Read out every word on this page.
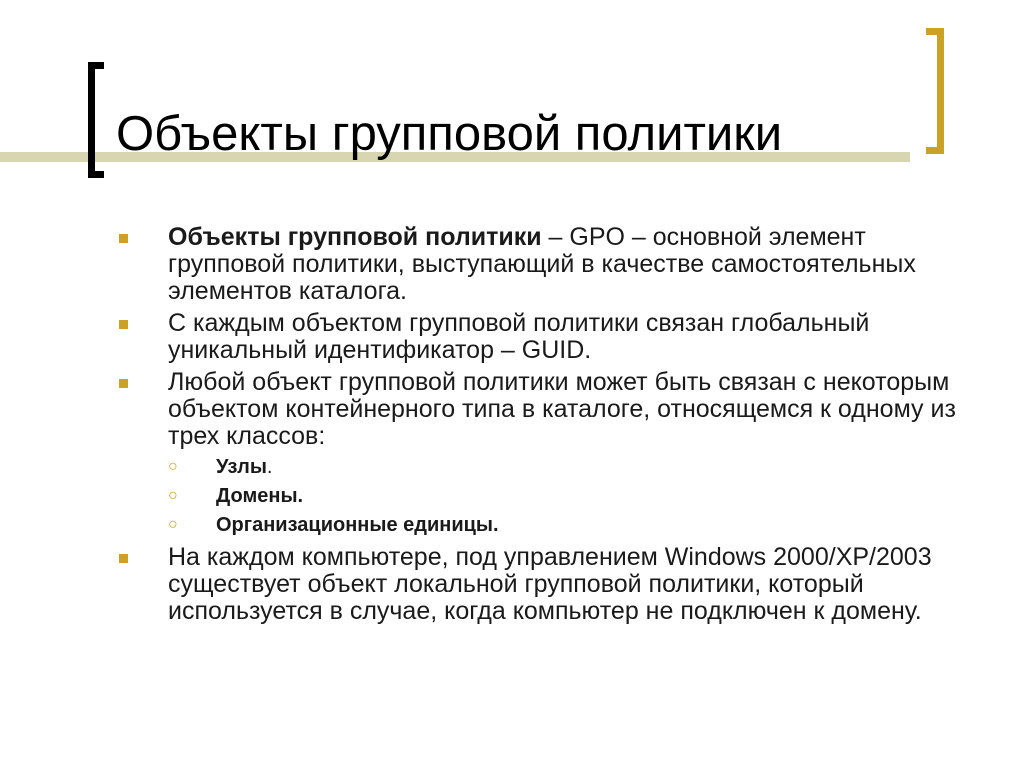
Объекты групповой политики
Объекты групповой политики – GPO – основной элемент групповой политики, выступающий в качестве самостоятельных элементов каталога.
С каждым объектом групповой политики связан глобальный уникальный идентификатор – GUID.
Любой объект групповой политики может быть связан с некоторым объектом контейнерного типа в каталоге, относящемся к одному из трех классов:
○ Узлы.
○ Домены.
○ Организационные единицы.
На каждом компьютере, под управлением Windows 2000/XP/2003 существует объект локальной групповой политики, который используется в случае, когда компьютер не подключен к домену.
